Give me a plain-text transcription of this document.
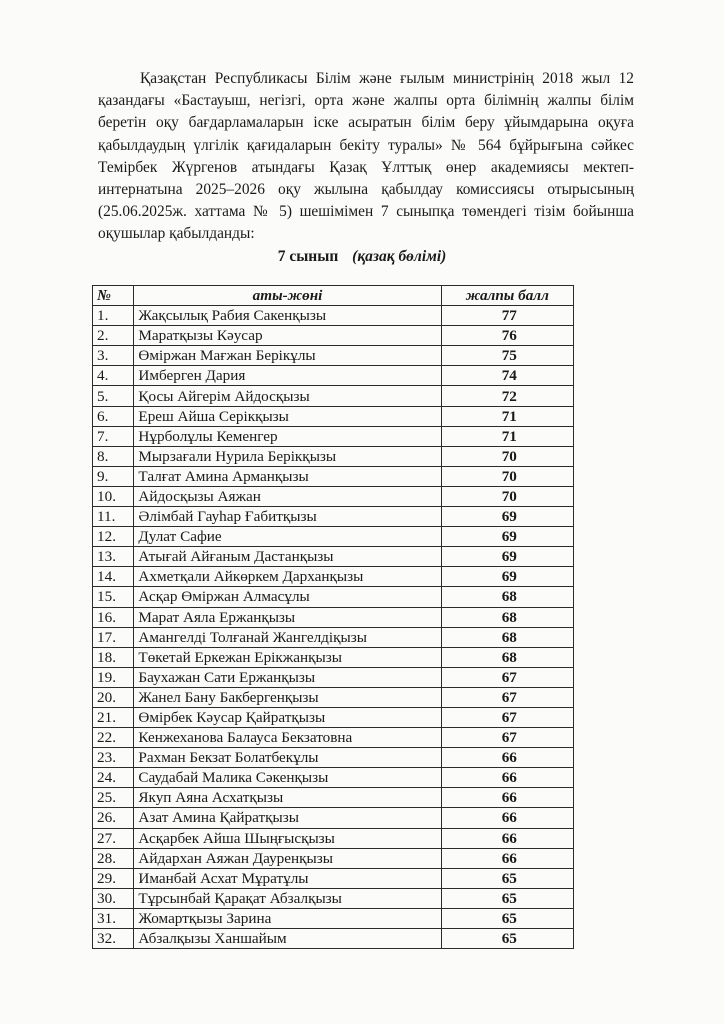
Қазақстан Республикасы Білім және ғылым министрінің 2018 жыл 12 қазандағы «Бастауыш, негізгі, орта және жалпы орта білімнің жалпы білім беретін оқу бағдарламаларын іске асыратын білім беру ұйымдарына оқуға қабылдаудың үлгілік қағидаларын бекіту туралы» № 564 бұйрығына сәйкес Темірбек Жүргенов атындағы Қазақ Ұлттық өнер академиясы мектеп-интернатына 2025–2026 оқу жылына қабылдау комиссиясы отырысының (25.06.2025ж. хаттама № 5) шешімімен 7 сыныпқа төмендегі тізім бойынша оқушылар қабылданды:

7 сынып (қазақ бөлімі)
№	аты-жөні	жалпы балл
1.	Жақсылық Рабия Сакенқызы	77
2.	Маратқызы Кәусар	76
3.	Өміржан Мағжан Берікұлы	75
4.	Имберген Дария	74
5.	Қосы Айгерім Айдосқызы	72
6.	Ереш Айша Серікқызы	71
7.	Нұрболұлы Кеменгер	71
8.	Мырзағали Нурила Берікқызы	70
9.	Талғат Амина Арманқызы	70
10.	Айдосқызы Аяжан	70
11.	Әлімбай Гауһар Ғабитқызы	69
12.	Дулат Сафие	69
13.	Атығай Айғаным Дастанқызы	69
14.	Ахметқали Айкөркем Дарханқызы	69
15.	Асқар Өміржан Алмасұлы	68
16.	Марат Аяла Ержанқызы	68
17.	Амангелді Толғанай Жангелдіқызы	68
18.	Төкетай Еркежан Ерікжанқызы	68
19.	Баухажан Сати Ержанқызы	67
20.	Жанел Бану Бакбергенқызы	67
21.	Өмірбек Кәусар Қайратқызы	67
22.	Кенжеханова Балауса Бекзатовна	67
23.	Рахман Бекзат Болатбекұлы	66
24.	Саудабай Малика Сәкенқызы	66
25.	Якуп Аяна Асхатқызы	66
26.	Азат Амина Қайратқызы	66
27.	Асқарбек Айша Шыңғысқызы	66
28.	Айдархан Аяжан Дауренқызы	66
29.	Иманбай Асхат Мұратұлы	65
30.	Тұрсынбай Қарақат Абзалқызы	65
31.	Жомартқызы Зарина	65
32.	Абзалқызы Ханшайым	65
